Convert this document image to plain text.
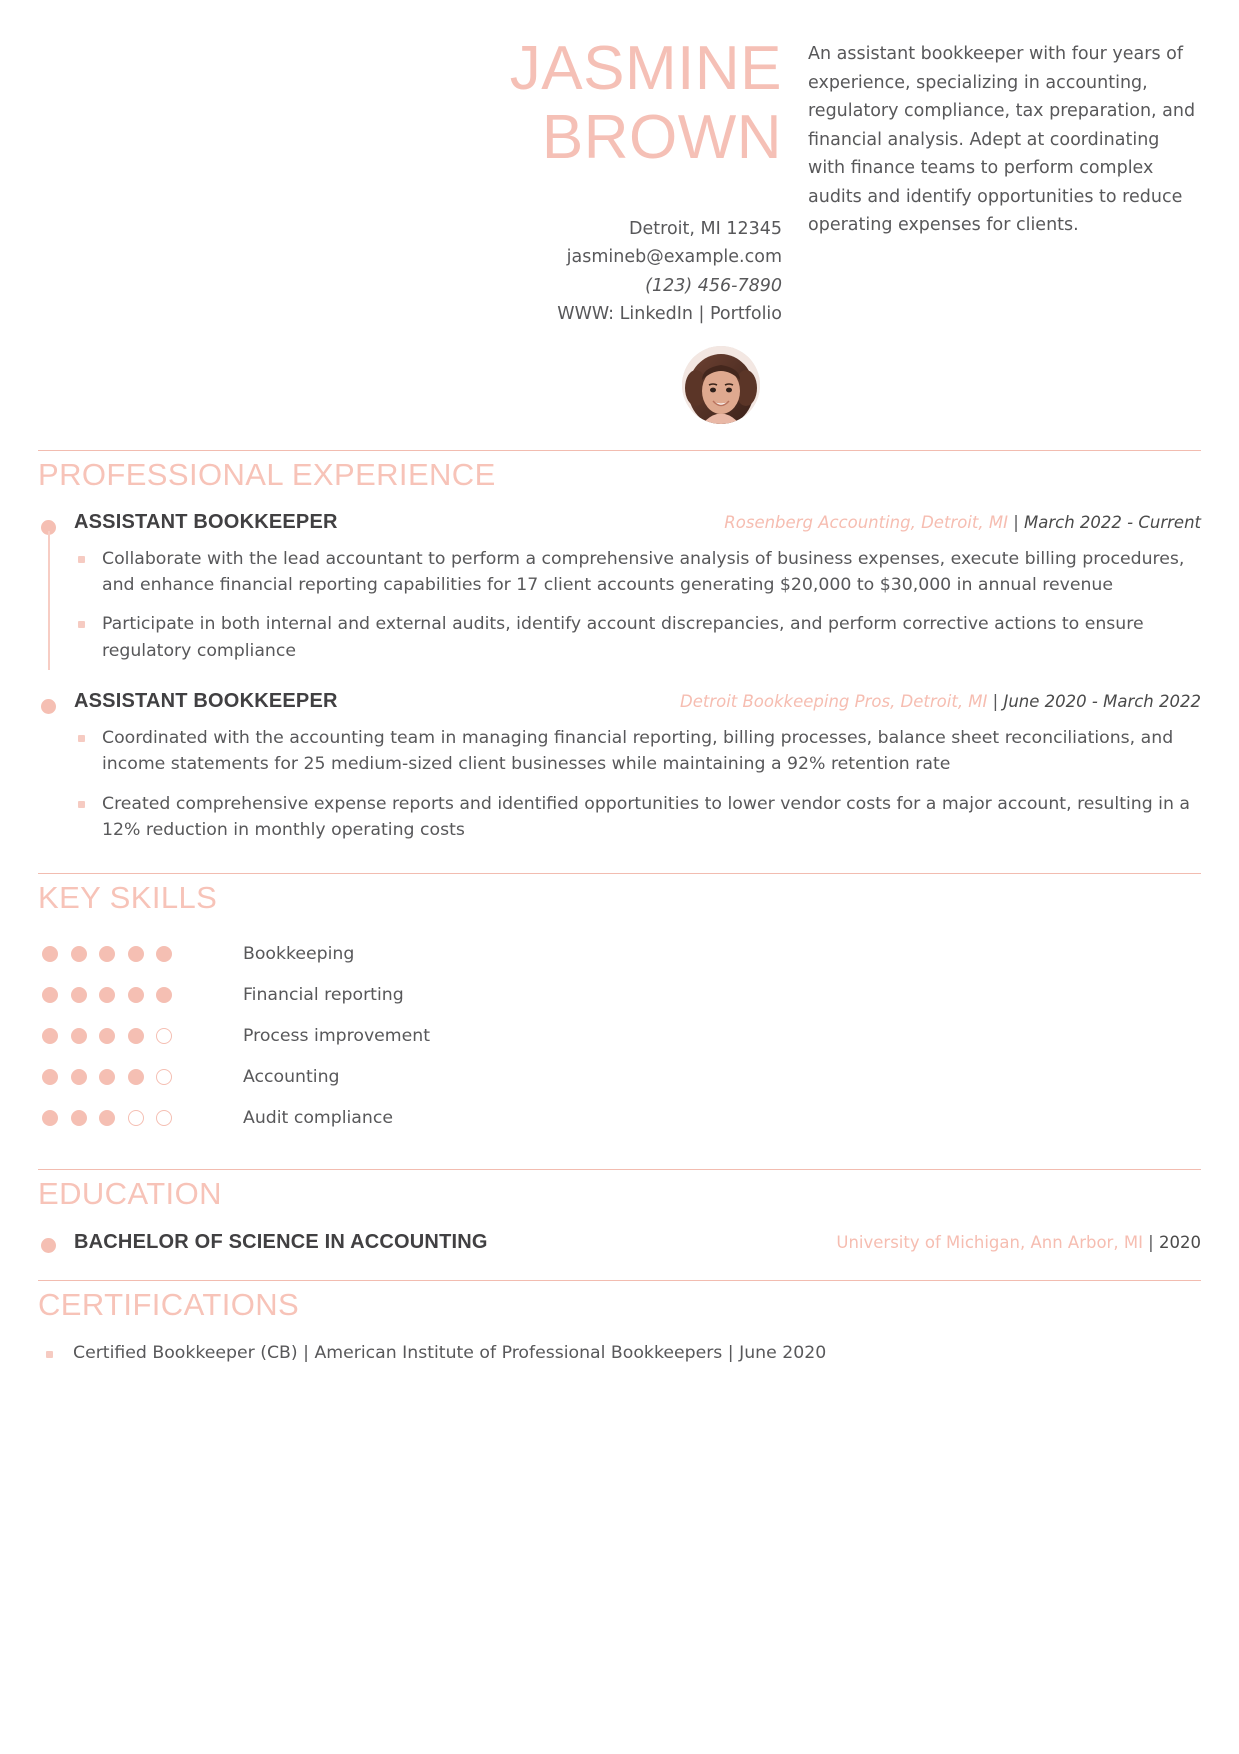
JASMINE
BROWN
Detroit, MI 12345
jasmineb@example.com
(123) 456-7890
WWW: LinkedIn | Portfolio

An assistant bookkeeper with four years of experience, specializing in accounting, regulatory compliance, tax preparation, and financial analysis. Adept at coordinating with finance teams to perform complex audits and identify opportunities to reduce operating expenses for clients.

PROFESSIONAL EXPERIENCE
ASSISTANT BOOKKEEPER	Rosenberg Accounting, Detroit, MI | March 2022 - Current
Collaborate with the lead accountant to perform a comprehensive analysis of business expenses, execute billing procedures, and enhance financial reporting capabilities for 17 client accounts generating $20,000 to $30,000 in annual revenue
Participate in both internal and external audits, identify account discrepancies, and perform corrective actions to ensure regulatory compliance
ASSISTANT BOOKKEEPER	Detroit Bookkeeping Pros, Detroit, MI | June 2020 - March 2022
Coordinated with the accounting team in managing financial reporting, billing processes, balance sheet reconciliations, and income statements for 25 medium-sized client businesses while maintaining a 92% retention rate
Created comprehensive expense reports and identified opportunities to lower vendor costs for a major account, resulting in a 12% reduction in monthly operating costs
KEY SKILLS
Bookkeeping
Financial reporting
Process improvement
Accounting
Audit compliance
EDUCATION
BACHELOR OF SCIENCE IN ACCOUNTING	University of Michigan, Ann Arbor, MI | 2020
CERTIFICATIONS
Certified Bookkeeper (CB) | American Institute of Professional Bookkeepers | June 2020
